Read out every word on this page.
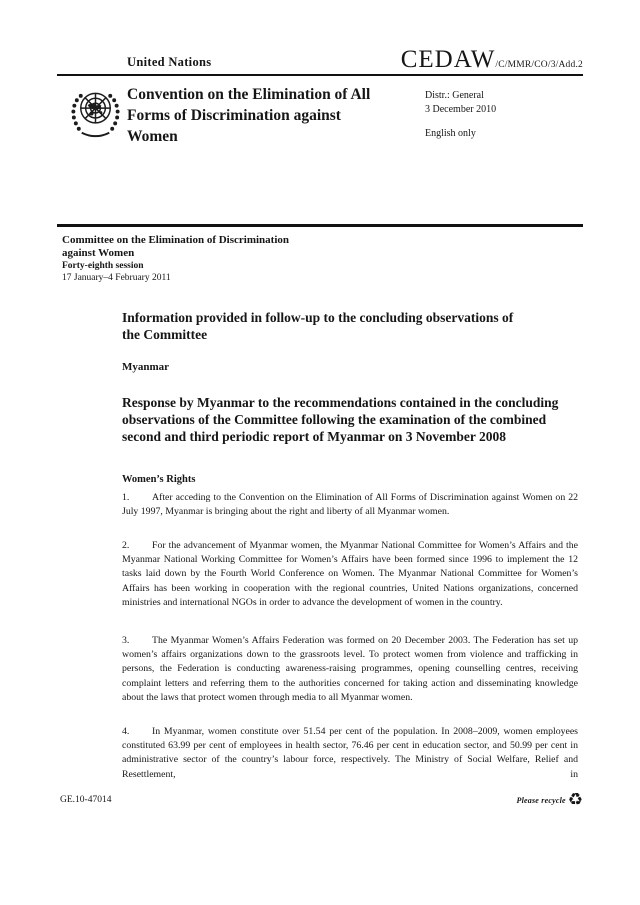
United Nations	CEDAW/C/MMR/CO/3/Add.2
Convention on the Elimination of All Forms of Discrimination against Women
Distr.: General
3 December 2010
English only
Committee on the Elimination of Discrimination
against Women
Forty-eighth session
17 January–4 February 2011
Information provided in follow-up to the concluding observations of the Committee
Myanmar
Response by Myanmar to the recommendations contained in the concluding observations of the Committee following the examination of the combined second and third periodic report of Myanmar on 3 November 2008
Women’s Rights
1. After acceding to the Convention on the Elimination of All Forms of Discrimination against Women on 22 July 1997, Myanmar is bringing about the right and liberty of all Myanmar women.
2. For the advancement of Myanmar women, the Myanmar National Committee for Women’s Affairs and the Myanmar National Working Committee for Women’s Affairs have been formed since 1996 to implement the 12 tasks laid down by the Fourth World Conference on Women. The Myanmar National Committee for Women’s Affairs has been working in cooperation with the regional countries, United Nations organizations, concerned ministries and international NGOs in order to advance the development of women in the country.
3. The Myanmar Women’s Affairs Federation was formed on 20 December 2003. The Federation has set up women’s affairs organizations down to the grassroots level. To protect women from violence and trafficking in persons, the Federation is conducting awareness-raising programmes, opening counselling centres, receiving complaint letters and referring them to the authorities concerned for taking action and disseminating knowledge about the laws that protect women through media to all Myanmar women.
4. In Myanmar, women constitute over 51.54 per cent of the population. In 2008–2009, women employees constituted 63.99 per cent of employees in health sector, 76.46 per cent in education sector, and 50.99 per cent in administrative sector of the country’s labour force, respectively. The Ministry of Social Welfare, Relief and Resettlement, in
GE.10-47014	Please recycle ♻
